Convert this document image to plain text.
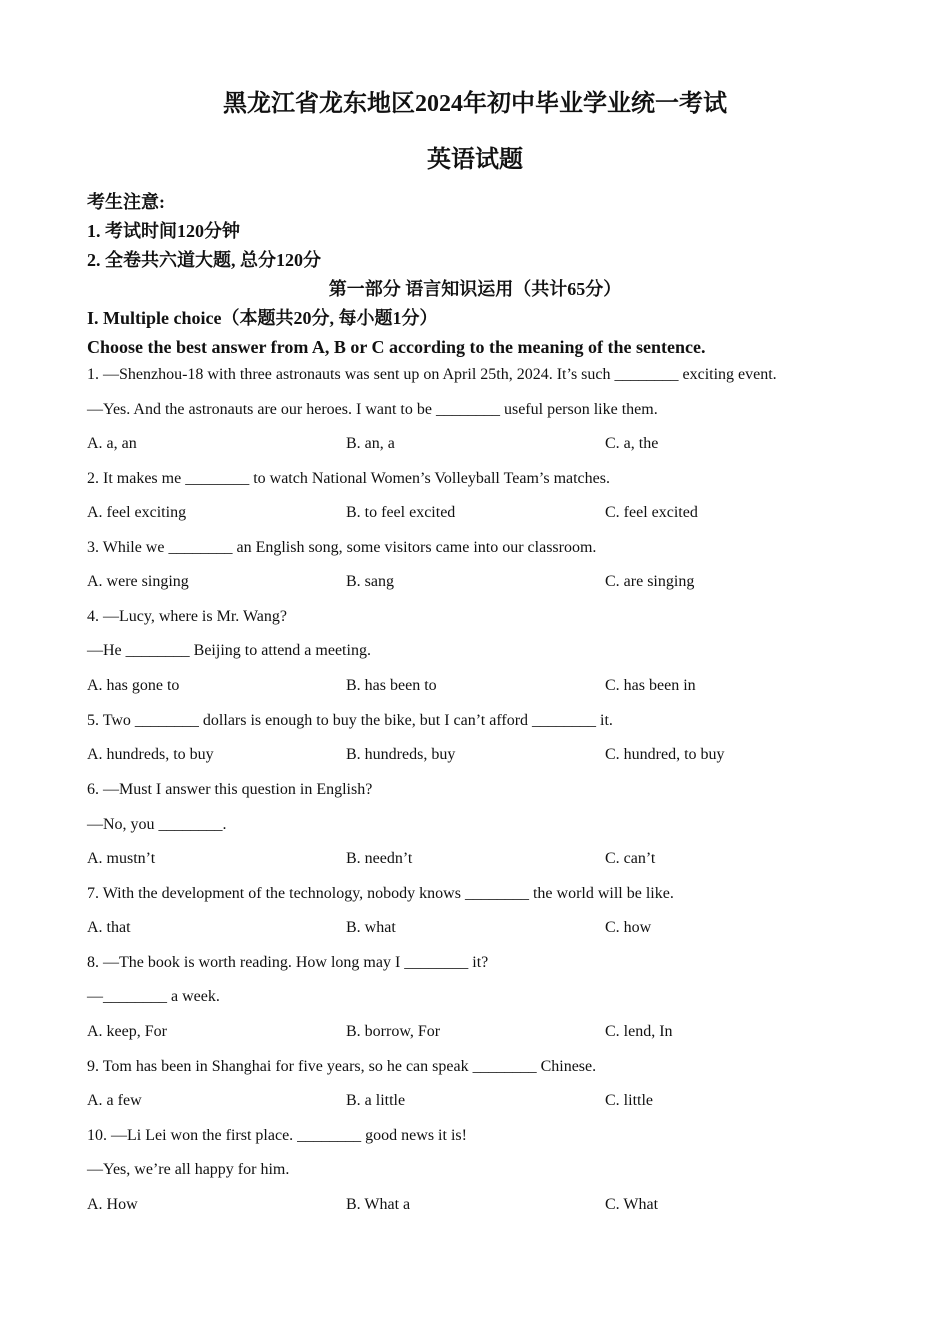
黑龙江省龙东地区2024年初中毕业学业统一考试
英语试题
考生注意:
1. 考试时间120分钟
2. 全卷共六道大题, 总分120分
第一部分 语言知识运用（共计65分）
I. Multiple choice（本题共20分, 每小题1分）
Choose the best answer from A, B or C according to the meaning of the sentence.
1. —Shenzhou-18 with three astronauts was sent up on April 25th, 2024. It’s such ________ exciting event.
—Yes. And the astronauts are our heroes. I want to be ________ useful person like them.
A. a, an	B. an, a	C. a, the
2. It makes me ________ to watch National Women’s Volleyball Team’s matches.
A. feel exciting	B. to feel excited	C. feel excited
3. While we ________ an English song, some visitors came into our classroom.
A. were singing	B. sang	C. are singing
4. —Lucy, where is Mr. Wang?
—He ________ Beijing to attend a meeting.
A. has gone to	B. has been to	C. has been in
5. Two ________ dollars is enough to buy the bike, but I can’t afford ________ it.
A. hundreds, to buy	B. hundreds, buy	C. hundred, to buy
6. —Must I answer this question in English?
—No, you ________.
A. mustn’t	B. needn’t	C. can’t
7. With the development of the technology, nobody knows ________ the world will be like.
A. that	B. what	C. how
8. —The book is worth reading. How long may I ________ it?
—________ a week.
A. keep, For	B. borrow, For	C. lend, In
9. Tom has been in Shanghai for five years, so he can speak ________ Chinese.
A. a few	B. a little	C. little
10. —Li Lei won the first place. ________ good news it is!
—Yes, we’re all happy for him.
A. How	B. What a	C. What
